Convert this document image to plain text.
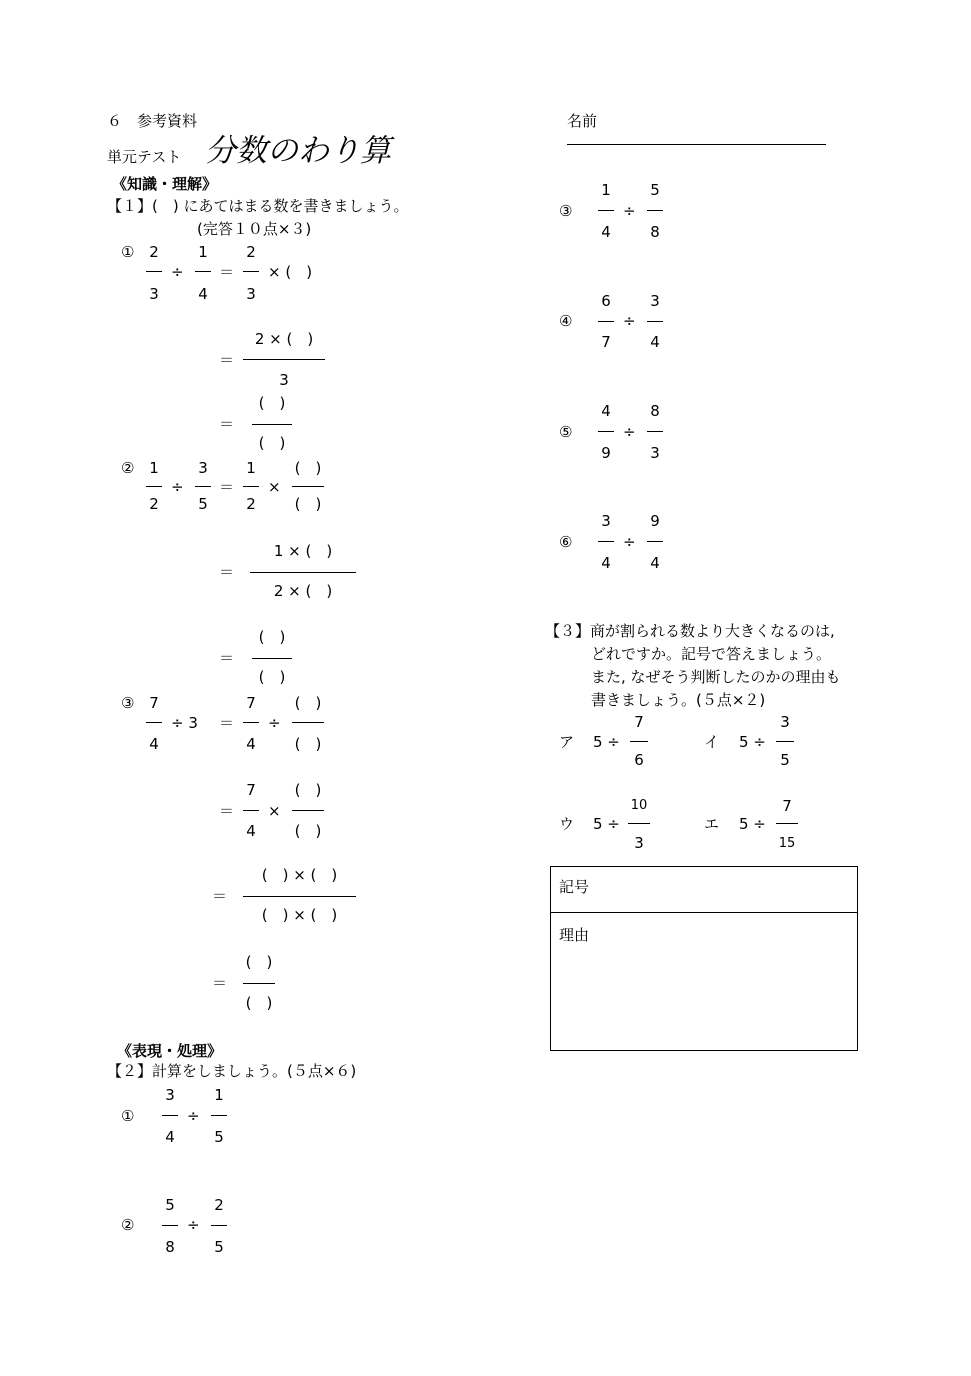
６　参考資料
単元テスト 分数のわり算
名前
《知識・理解》
【１】(　) にあてはまる数を書きましょう。
(完答１０点×３)
① 2
3
÷
1
4
＝
2
3
× (　)
＝
2 × (　)
3
＝
(　)
(　)
② 1
2
÷
3
5
＝
1
2
×
(　)
(　)
＝
1 × (　)
2 × (　)
＝
(　)
(　)
③ 7
4
÷ 3 ＝
7
4
÷
(　)
(　)
＝
7
4
×
(　)
(　)
＝
(　) × (　)
(　) × (　)
＝
(　)
(　)
《表現・処理》
【２】計算をしましょう。(５点×６)
①
3
4
÷
1
5
②
5
8
÷
2
5
③
1
4
÷
5
8
④
6
7
÷
3
4
⑤
4
9
÷
8
3
⑥
3
4
÷
9
4
【３】商が割られる数より大きくなるのは,
どれですか。記号で答えましょう。
また, なぜそう判断したのかの理由も
書きましょう。(５点×２)
ア 5 ÷
7
6
イ 5 ÷
3
5
ウ 5 ÷
10
3
エ 5 ÷
7
15
記号
理由
